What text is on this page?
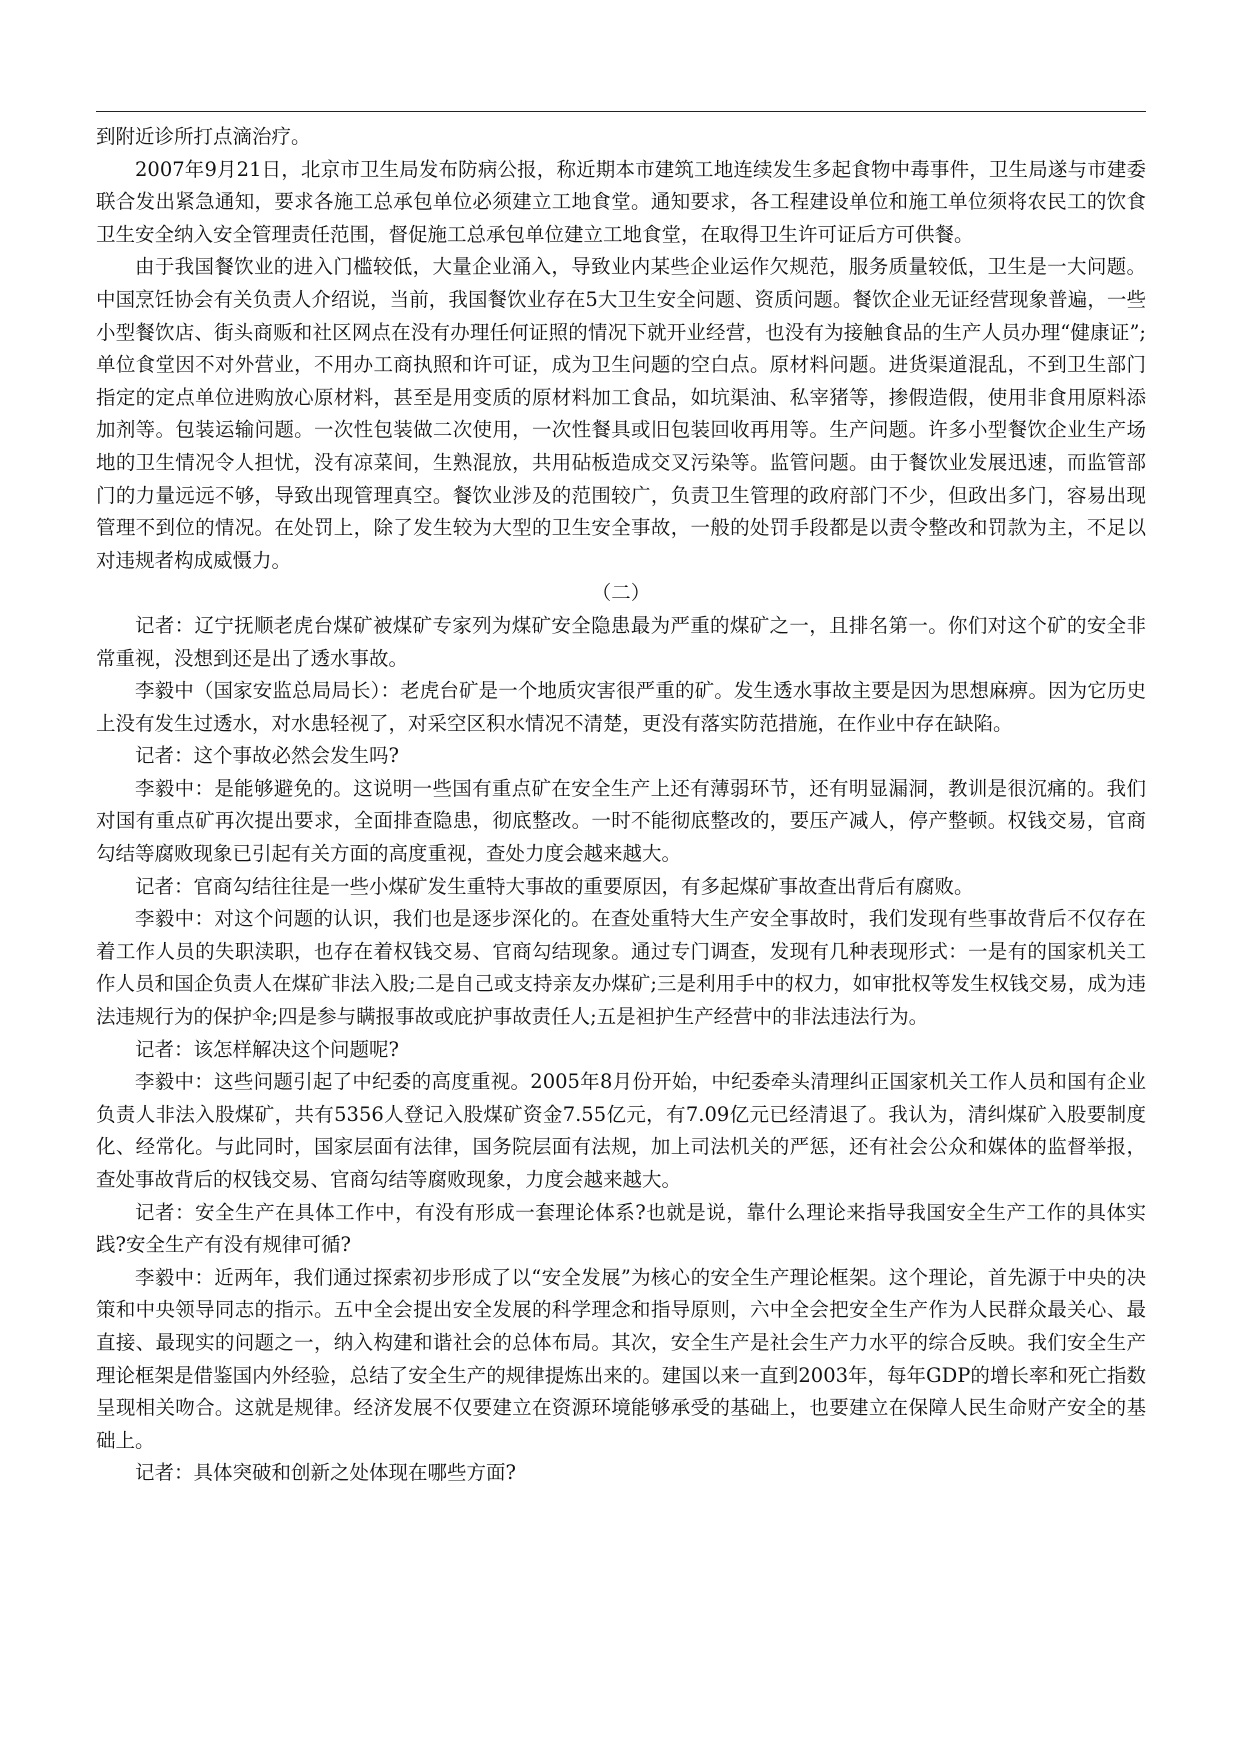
到附近诊所打点滴治疗。

2007年9月21日，北京市卫生局发布防病公报，称近期本市建筑工地连续发生多起食物中毒事件，卫生局遂与市建委联合发出紧急通知，要求各施工总承包单位必须建立工地食堂。通知要求，各工程建设单位和施工单位须将农民工的饮食卫生安全纳入安全管理责任范围，督促施工总承包单位建立工地食堂，在取得卫生许可证后方可供餐。

由于我国餐饮业的进入门槛较低，大量企业涌入，导致业内某些企业运作欠规范，服务质量较低，卫生是一大问题。中国烹饪协会有关负责人介绍说，当前，我国餐饮业存在5大卫生安全问题、资质问题。餐饮企业无证经营现象普遍，一些小型餐饮店、街头商贩和社区网点在没有办理任何证照的情况下就开业经营，也没有为接触食品的生产人员办理“健康证”;单位食堂因不对外营业，不用办工商执照和许可证，成为卫生问题的空白点。原材料问题。进货渠道混乱，不到卫生部门指定的定点单位进购放心原材料，甚至是用变质的原材料加工食品，如坑渠油、私宰猪等，掺假造假，使用非食用原料添加剂等。包装运输问题。一次性包装做二次使用，一次性餐具或旧包装回收再用等。生产问题。许多小型餐饮企业生产场地的卫生情况令人担忧，没有凉菜间，生熟混放，共用砧板造成交叉污染等。监管问题。由于餐饮业发展迅速，而监管部门的力量远远不够，导致出现管理真空。餐饮业涉及的范围较广，负责卫生管理的政府部门不少，但政出多门，容易出现管理不到位的情况。在处罚上，除了发生较为大型的卫生安全事故，一般的处罚手段都是以责令整改和罚款为主，不足以对违规者构成威慑力。

（二）

记者：辽宁抚顺老虎台煤矿被煤矿专家列为煤矿安全隐患最为严重的煤矿之一，且排名第一。你们对这个矿的安全非常重视，没想到还是出了透水事故。

李毅中（国家安监总局局长）：老虎台矿是一个地质灾害很严重的矿。发生透水事故主要是因为思想麻痹。因为它历史上没有发生过透水，对水患轻视了，对采空区积水情况不清楚，更没有落实防范措施，在作业中存在缺陷。

记者：这个事故必然会发生吗?

李毅中：是能够避免的。这说明一些国有重点矿在安全生产上还有薄弱环节，还有明显漏洞，教训是很沉痛的。我们对国有重点矿再次提出要求，全面排查隐患，彻底整改。一时不能彻底整改的，要压产减人，停产整顿。权钱交易，官商勾结等腐败现象已引起有关方面的高度重视，查处力度会越来越大。

记者：官商勾结往往是一些小煤矿发生重特大事故的重要原因，有多起煤矿事故查出背后有腐败。

李毅中：对这个问题的认识，我们也是逐步深化的。在查处重特大生产安全事故时，我们发现有些事故背后不仅存在着工作人员的失职渎职，也存在着权钱交易、官商勾结现象。通过专门调查，发现有几种表现形式：一是有的国家机关工作人员和国企负责人在煤矿非法入股;二是自己或支持亲友办煤矿;三是利用手中的权力，如审批权等发生权钱交易，成为违法违规行为的保护伞;四是参与瞒报事故或庇护事故责任人;五是袒护生产经营中的非法违法行为。

记者：该怎样解决这个问题呢?

李毅中：这些问题引起了中纪委的高度重视。2005年8月份开始，中纪委牵头清理纠正国家机关工作人员和国有企业负责人非法入股煤矿，共有5356人登记入股煤矿资金7.55亿元，有7.09亿元已经清退了。我认为，清纠煤矿入股要制度化、经常化。与此同时，国家层面有法律，国务院层面有法规，加上司法机关的严惩，还有社会公众和媒体的监督举报，查处事故背后的权钱交易、官商勾结等腐败现象，力度会越来越大。

记者：安全生产在具体工作中，有没有形成一套理论体系?也就是说，靠什么理论来指导我国安全生产工作的具体实践?安全生产有没有规律可循?

李毅中：近两年，我们通过探索初步形成了以“安全发展”为核心的安全生产理论框架。这个理论，首先源于中央的决策和中央领导同志的指示。五中全会提出安全发展的科学理念和指导原则，六中全会把安全生产作为人民群众最关心、最直接、最现实的问题之一，纳入构建和谐社会的总体布局。其次，安全生产是社会生产力水平的综合反映。我们安全生产理论框架是借鉴国内外经验，总结了安全生产的规律提炼出来的。建国以来一直到2003年，每年GDP的增长率和死亡指数呈现相关吻合。这就是规律。经济发展不仅要建立在资源环境能够承受的基础上，也要建立在保障人民生命财产安全的基础上。

记者：具体突破和创新之处体现在哪些方面?
